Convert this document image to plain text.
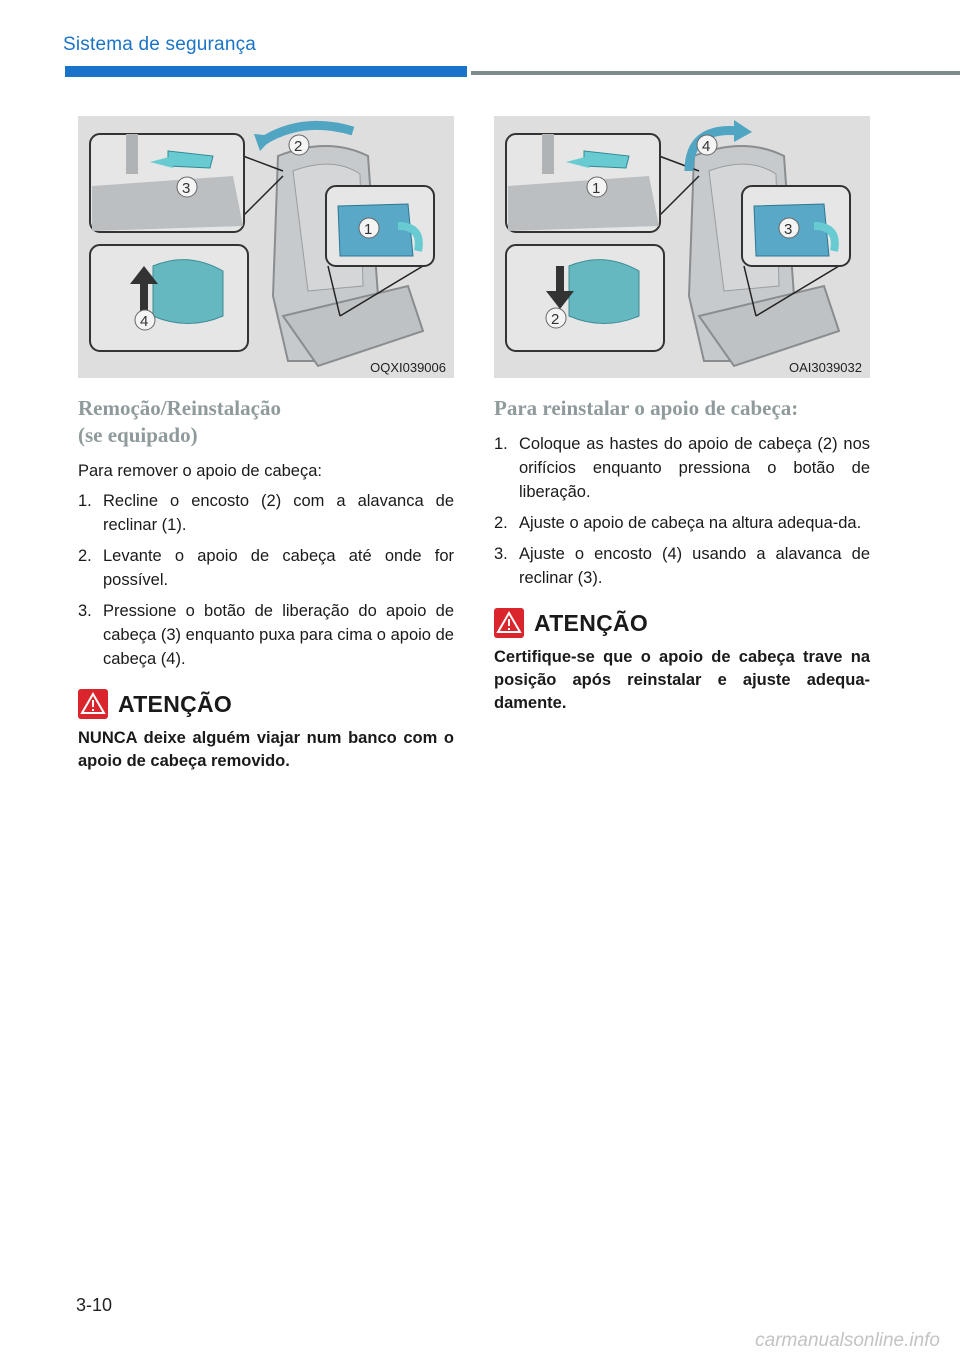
Sistema de segurança
3
4
1
2
OQXI039006
1
2
3
4
OAI3039032

Remoção/Reinstalação
(se equipado)

Para remover o apoio de cabeça:

1. Recline o encosto (2) com a alavanca de reclinar (1).
2. Levante o apoio de cabeça até onde for possível.
3. Pressione o botão de liberação do apoio de cabeça (3) enquanto puxa para cima o apoio de cabeça (4).
ATENÇÃO

NUNCA deixe alguém viajar num banco com o apoio de cabeça removido.

Para reinstalar o apoio de cabeça:

1. Coloque as hastes do apoio de cabeça (2) nos orifícios enquanto pressiona o botão de liberação.
2. Ajuste o apoio de cabeça na altura adequa-da.
3. Ajuste o encosto (4) usando a alavanca de reclinar (3).
ATENÇÃO

Certifique-se que o apoio de cabeça trave na posição após reinstalar e ajuste adequa-damente.

3-10
carmanualsonline.info
